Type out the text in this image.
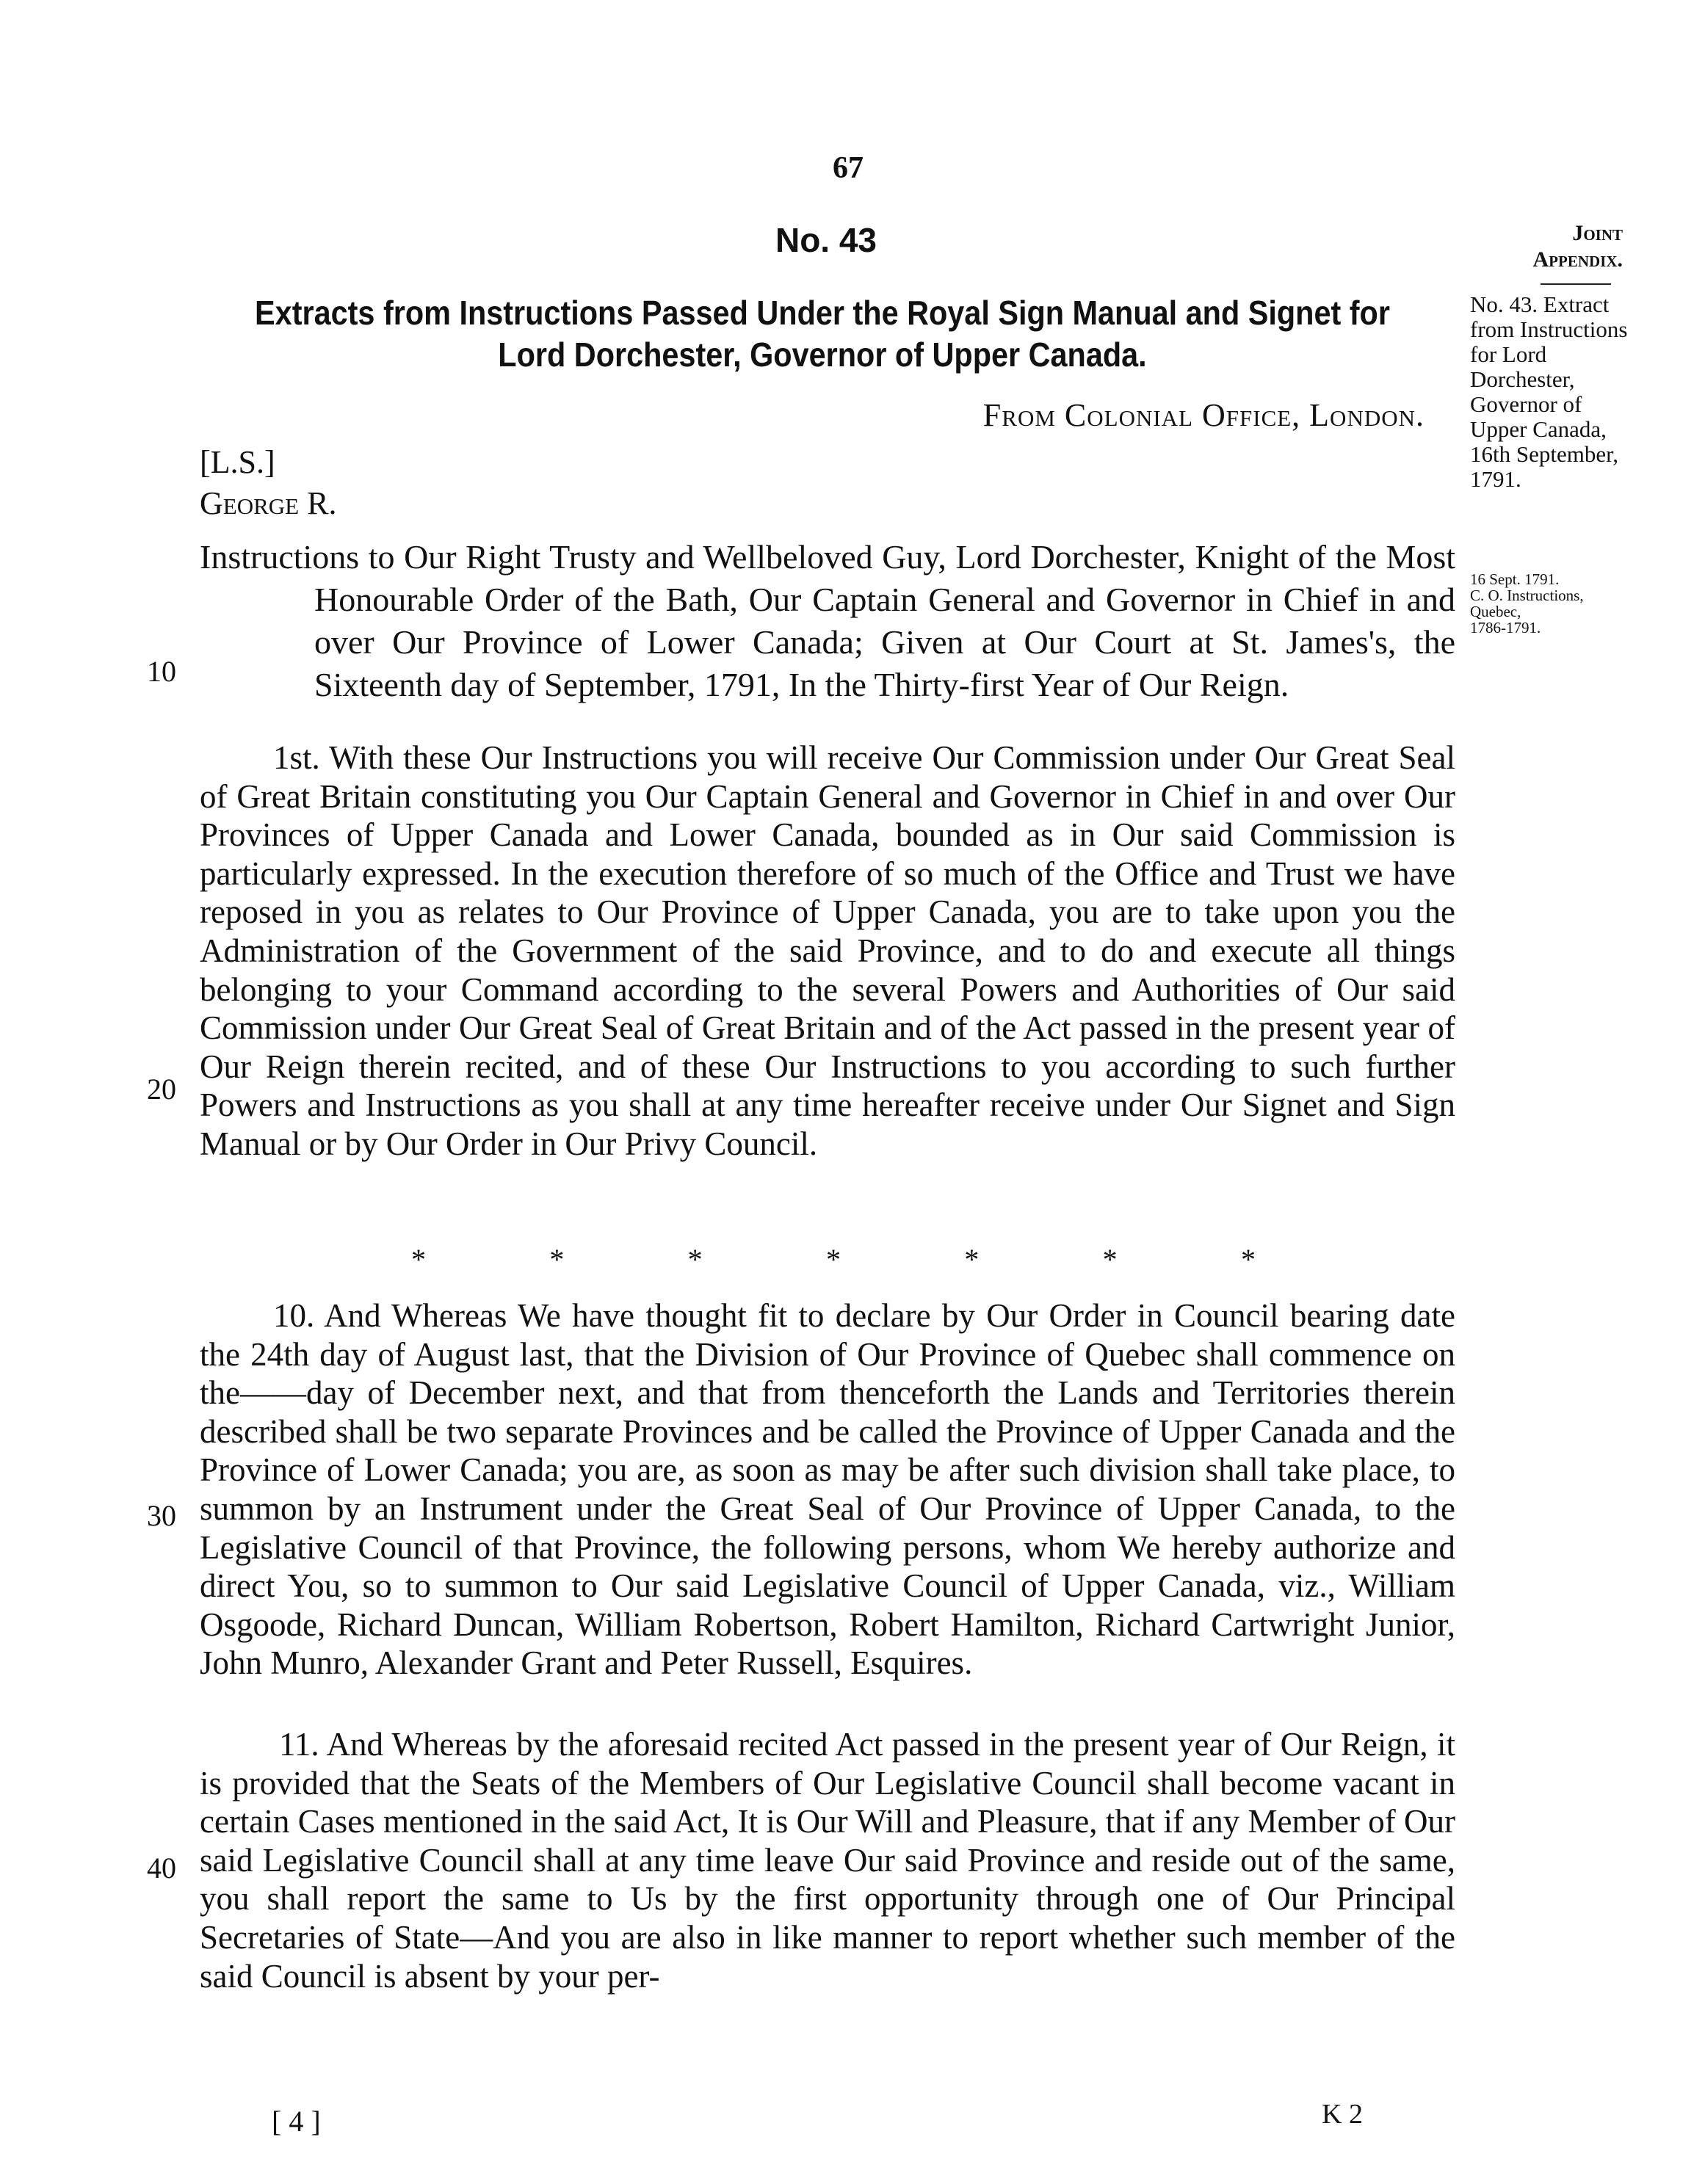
67
No. 43
Extracts from Instructions Passed Under the Royal Sign Manual and Signet for Lord Dorchester, Governor of Upper Canada.
From Colonial Office, London.
[L.S.]
George R.
Instructions to Our Right Trusty and Wellbeloved Guy, Lord Dorchester, Knight of the Most Honourable Order of the Bath, Our Captain General and Governor in Chief in and over Our Province of Lower Canada; Given at Our Court at St. James's, the Sixteenth day of September, 1791, In the Thirty-first Year of Our Reign.
1st. With these Our Instructions you will receive Our Commission under Our Great Seal of Great Britain constituting you Our Captain General and Governor in Chief in and over Our Provinces of Upper Canada and Lower Canada, bounded as in Our said Commission is particularly expressed. In the execution therefore of so much of the Office and Trust we have reposed in you as relates to Our Province of Upper Canada, you are to take upon you the Administration of the Government of the said Province, and to do and execute all things belonging to your Command according to the several Powers and Authorities of Our said Commission under Our Great Seal of Great Britain and of the Act passed in the present year of Our Reign therein recited, and of these Our Instructions to you according to such further Powers and Instructions as you shall at any time hereafter receive under Our Signet and Sign Manual or by Our Order in Our Privy Council.
*	*	*	*	*	*	*
10. And Whereas We have thought fit to declare by Our Order in Council bearing date the 24th day of August last, that the Division of Our Province of Quebec shall commence on the——day of December next, and that from thenceforth the Lands and Territories therein described shall be two separate Provinces and be called the Province of Upper Canada and the Province of Lower Canada; you are, as soon as may be after such division shall take place, to summon by an Instrument under the Great Seal of Our Province of Upper Canada, to the Legislative Council of that Province, the following persons, whom We hereby authorize and direct You, so to summon to Our said Legislative Council of Upper Canada, viz., William Osgoode, Richard Duncan, William Robertson, Robert Hamilton, Richard Cartwright Junior, John Munro, Alexander Grant and Peter Russell, Esquires.
11. And Whereas by the aforesaid recited Act passed in the present year of Our Reign, it is provided that the Seats of the Members of Our Legislative Council shall become vacant in certain Cases mentioned in the said Act, It is Our Will and Pleasure, that if any Member of Our said Legislative Council shall at any time leave Our said Province and reside out of the same, you shall report the same to Us by the first opportunity through one of Our Principal Secretaries of State—And you are also in like manner to report whether such member of the said Council is absent by your per-
10
20
30
40
Joint
Appendix.
No. 43. Extract from Instructions for Lord Dorchester, Governor of Upper Canada, 16th September, 1791.
16 Sept. 1791.
C. O. Instructions, Quebec,
1786-1791.
[ 4 ]	K 2
